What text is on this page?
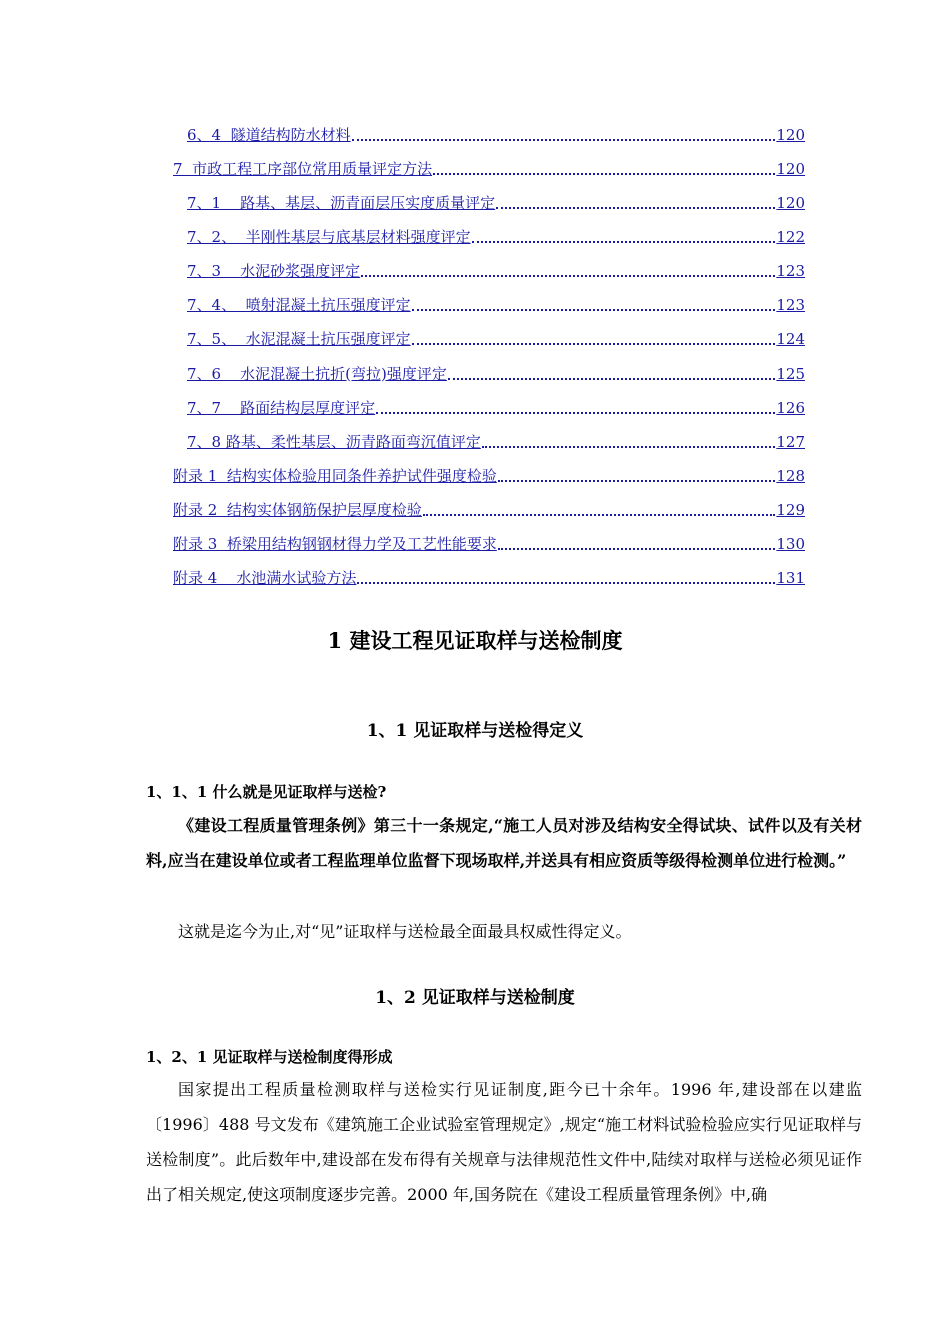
6、4  隧道结构防水材料	120
7  市政工程工序部位常用质量评定方法	120
7、1    路基、基层、沥青面层压实度质量评定	120
7、2、  半刚性基层与底基层材料强度评定	122
7、3    水泥砂浆强度评定	123
7、4、  喷射混凝土抗压强度评定	123
7、5、  水泥混凝土抗压强度评定	124
7、6    水泥混凝土抗折(弯拉)强度评定	125
7、7    路面结构层厚度评定	126
7、8 路基、柔性基层、沥青路面弯沉值评定	127
附录 1  结构实体检验用同条件养护试件强度检验	128
附录 2  结构实体钢筋保护层厚度检验	129
附录 3  桥梁用结构钢钢材得力学及工艺性能要求	130
附录 4    水池满水试验方法	131
1 建设工程见证取样与送检制度
1、1 见证取样与送检得定义
1、1、1 什么就是见证取样与送检?

《建设工程质量管理条例》第三十一条规定,“施工人员对涉及结构安全得试块、试件以及有关材料,应当在建设单位或者工程监理单位监督下现场取样,并送具有相应资质等级得检测单位进行检测。”

这就是迄今为止,对“见”证取样与送检最全面最具权威性得定义。

1、2 见证取样与送检制度
1、2、1 见证取样与送检制度得形成

国家提出工程质量检测取样与送检实行见证制度,距今已十余年。1996 年,建设部在以建监〔1996〕488 号文发布《建筑施工企业试验室管理规定》,规定“施工材料试验检验应实行见证取样与送检制度”。此后数年中,建设部在发布得有关规章与法律规范性文件中,陆续对取样与送检必须见证作出了相关规定,使这项制度逐步完善。2000 年,国务院在《建设工程质量管理条例》中,确
